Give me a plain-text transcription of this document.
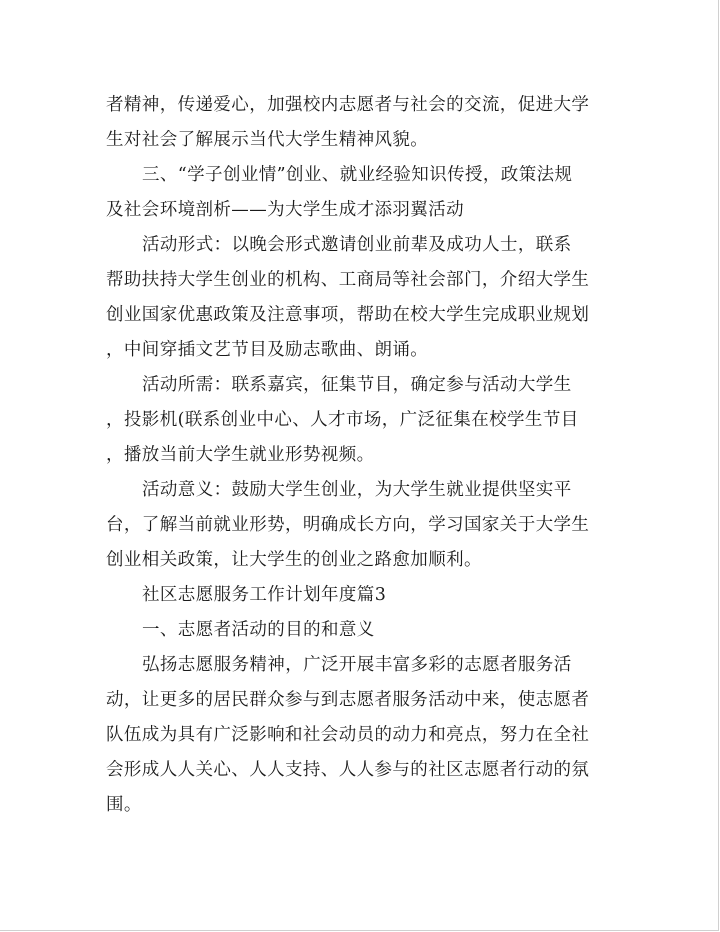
者精神，传递爱心，加强校内志愿者与社会的交流，促进大学
生对社会了解展示当代大学生精神风貌。

三、“学子创业情”创业、就业经验知识传授，政策法规
及社会环境剖析——为大学生成才添羽翼活动

活动形式：以晚会形式邀请创业前辈及成功人士，联系
帮助扶持大学生创业的机构、工商局等社会部门，介绍大学生
创业国家优惠政策及注意事项，帮助在校大学生完成职业规划
，中间穿插文艺节目及励志歌曲、朗诵。

活动所需：联系嘉宾，征集节目，确定参与活动大学生
，投影机(联系创业中心、人才市场，广泛征集在校学生节目
，播放当前大学生就业形势视频。

活动意义：鼓励大学生创业，为大学生就业提供坚实平
台，了解当前就业形势，明确成长方向，学习国家关于大学生
创业相关政策，让大学生的创业之路愈加顺利。

社区志愿服务工作计划年度篇3

一、志愿者活动的目的和意义

弘扬志愿服务精神，广泛开展丰富多彩的志愿者服务活
动，让更多的居民群众参与到志愿者服务活动中来，使志愿者
队伍成为具有广泛影响和社会动员的动力和亮点，努力在全社
会形成人人关心、人人支持、人人参与的社区志愿者行动的氛
围。
